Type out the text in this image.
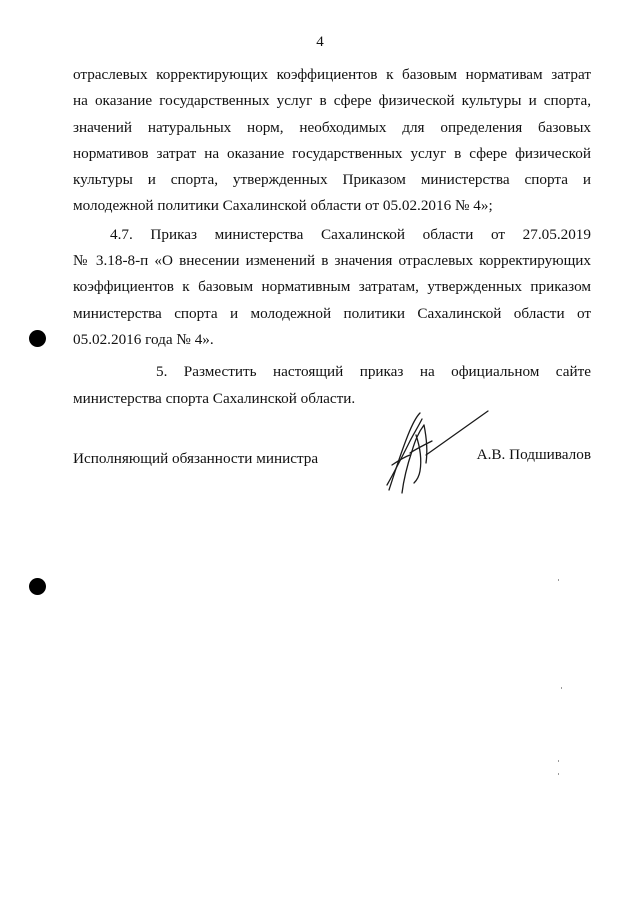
4
отраслевых корректирующих коэффициентов к базовым нормативам затрат
на оказание государственных услуг в сфере физической культуры и спорта,
значений натуральных норм, необходимых для определения базовых
нормативов затрат на оказание государственных услуг в сфере физической
культуры и спорта, утвержденных Приказом министерства спорта и
молодежной политики Сахалинской области от 05.02.2016 № 4»;
4.7. Приказ министерства Сахалинской области от 27.05.2019
№ 3.18-8-п «О внесении изменений в значения отраслевых корректирующих
коэффициентов к базовым нормативным затратам, утвержденных приказом
министерства спорта и молодежной политики Сахалинской области от
05.02.2016 года № 4».
5. Разместить настоящий приказ на официальном сайте
министерства спорта Сахалинской области.
Исполняющий обязанности министра	А.В. Подшивалов
